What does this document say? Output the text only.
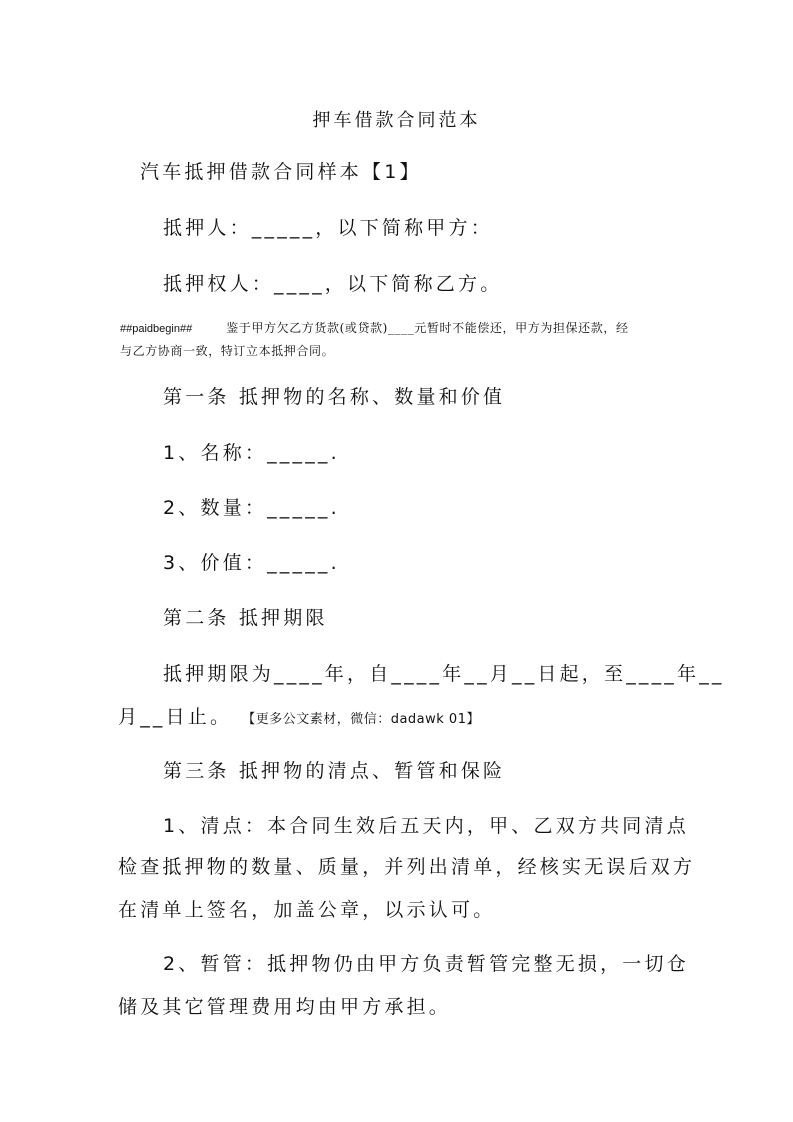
押车借款合同范本
汽车抵押借款合同样本【1】
抵押人：_____，以下简称甲方：
抵押权人：____，以下简称乙方。
##paidbegin##	鉴于甲方欠乙方货款(或贷款)____元暂时不能偿还，甲方为担保还款，经
与乙方协商一致，特订立本抵押合同。
第一条 抵押物的名称、数量和价值
1、名称：_____.
2、数量：_____.
3、价值：_____.
第二条 抵押期限
抵押期限为____年，自____年__月__日起，至____年__
月__日止。 【更多公文素材，微信：dadawk 01】
第三条 抵押物的清点、暂管和保险
1、清点：本合同生效后五天内，甲、乙双方共同清点
检查抵押物的数量、质量，并列出清单，经核实无误后双方
在清单上签名，加盖公章，以示认可。
2、暂管：抵押物仍由甲方负责暂管完整无损，一切仓
储及其它管理费用均由甲方承担。
